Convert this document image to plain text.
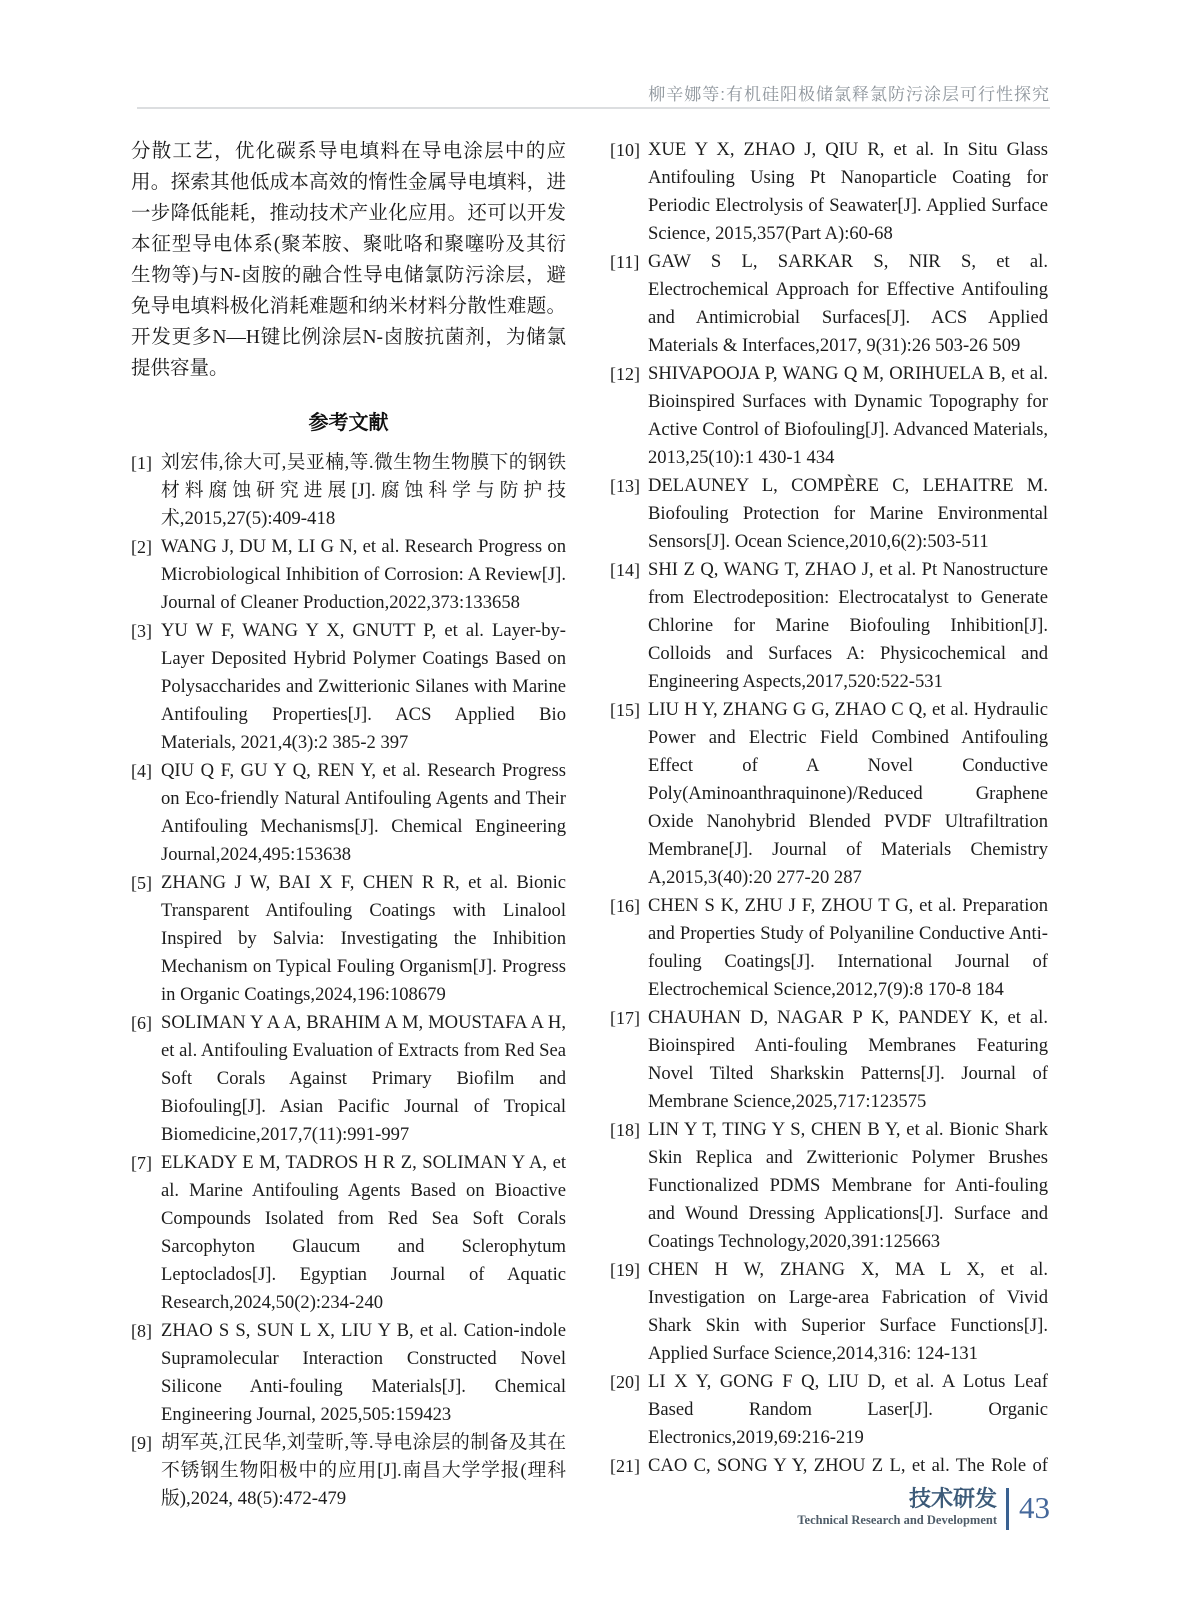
柳辛娜等:有机硅阳极储氯释氯防污涂层可行性探究

分散工艺，优化碳系导电填料在导电涂层中的应用。探索其他低成本高效的惰性金属导电填料，进一步降低能耗，推动技术产业化应用。还可以开发本征型导电体系(聚苯胺、聚吡咯和聚噻吩及其衍生物等)与N-卤胺的融合性导电储氯防污涂层，避免导电填料极化消耗难题和纳米材料分散性难题。开发更多N—H键比例涂层N-卤胺抗菌剂，为储氯提供容量。

参考文献
[1] 刘宏伟,徐大可,吴亚楠,等.微生物生物膜下的钢铁材料腐蚀研究进展[J].腐蚀科学与防护技术,2015,27(5):409-418
[2] WANG J, DU M, LI G N, et al. Research Progress on Microbiological Inhibition of Corrosion: A Review[J]. Journal of Cleaner Production,2022,373:133658
[3] YU W F, WANG Y X, GNUTT P, et al. Layer-by-Layer Deposited Hybrid Polymer Coatings Based on Polysaccharides and Zwitterionic Silanes with Marine Antifouling Properties[J]. ACS Applied Bio Materials, 2021,4(3):2 385-2 397
[4] QIU Q F, GU Y Q, REN Y, et al. Research Progress on Eco-friendly Natural Antifouling Agents and Their Antifouling Mechanisms[J]. Chemical Engineering Journal,2024,495:153638
[5] ZHANG J W, BAI X F, CHEN R R, et al. Bionic Transparent Antifouling Coatings with Linalool Inspired by Salvia: Investigating the Inhibition Mechanism on Typical Fouling Organism[J]. Progress in Organic Coatings,2024,196:108679
[6] SOLIMAN Y A A, BRAHIM A M, MOUSTAFA A H, et al. Antifouling Evaluation of Extracts from Red Sea Soft Corals Against Primary Biofilm and Biofouling[J]. Asian Pacific Journal of Tropical Biomedicine,2017,7(11):991-997
[7] ELKADY E M, TADROS H R Z, SOLIMAN Y A, et al. Marine Antifouling Agents Based on Bioactive Compounds Isolated from Red Sea Soft Corals Sarcophyton Glaucum and Sclerophytum Leptoclados[J]. Egyptian Journal of Aquatic Research,2024,50(2):234-240
[8] ZHAO S S, SUN L X, LIU Y B, et al. Cation-indole Supramolecular Interaction Constructed Novel Silicone Anti-fouling Materials[J]. Chemical Engineering Journal, 2025,505:159423
[9] 胡军英,江民华,刘莹昕,等.导电涂层的制备及其在不锈钢生物阳极中的应用[J].南昌大学学报(理科版),2024, 48(5):472-479
[10] XUE Y X, ZHAO J, QIU R, et al. In Situ Glass Antifouling Using Pt Nanoparticle Coating for Periodic Electrolysis of Seawater[J]. Applied Surface Science, 2015,357(Part A):60-68
[11] GAW S L, SARKAR S, NIR S, et al. Electrochemical Approach for Effective Antifouling and Antimicrobial Surfaces[J]. ACS Applied Materials & Interfaces,2017, 9(31):26 503-26 509
[12] SHIVAPOOJA P, WANG Q M, ORIHUELA B, et al. Bioinspired Surfaces with Dynamic Topography for Active Control of Biofouling[J]. Advanced Materials, 2013,25(10):1 430-1 434
[13] DELAUNEY L, COMPÈRE C, LEHAITRE M. Biofouling Protection for Marine Environmental Sensors[J]. Ocean Science,2010,6(2):503-511
[14] SHI Z Q, WANG T, ZHAO J, et al. Pt Nanostructure from Electrodeposition: Electrocatalyst to Generate Chlorine for Marine Biofouling Inhibition[J]. Colloids and Surfaces A: Physicochemical and Engineering Aspects,2017,520:522-531
[15] LIU H Y, ZHANG G G, ZHAO C Q, et al. Hydraulic Power and Electric Field Combined Antifouling Effect of A Novel Conductive Poly(Aminoanthraquinone)/Reduced Graphene Oxide Nanohybrid Blended PVDF Ultrafiltration Membrane[J]. Journal of Materials Chemistry A,2015,3(40):20 277-20 287
[16] CHEN S K, ZHU J F, ZHOU T G, et al. Preparation and Properties Study of Polyaniline Conductive Anti-fouling Coatings[J]. International Journal of Electrochemical Science,2012,7(9):8 170-8 184
[17] CHAUHAN D, NAGAR P K, PANDEY K, et al. Bioinspired Anti-fouling Membranes Featuring Novel Tilted Sharkskin Patterns[J]. Journal of Membrane Science,2025,717:123575
[18] LIN Y T, TING Y S, CHEN B Y, et al. Bionic Shark Skin Replica and Zwitterionic Polymer Brushes Functionalized PDMS Membrane for Anti-fouling and Wound Dressing Applications[J]. Surface and Coatings Technology,2020,391:125663
[19] CHEN H W, ZHANG X, MA L X, et al. Investigation on Large-area Fabrication of Vivid Shark Skin with Superior Surface Functions[J]. Applied Surface Science,2014,316: 124-131
[20] LI X Y, GONG F Q, LIU D, et al. A Lotus Leaf Based Random Laser[J]. Organic Electronics,2019,69:216-219
[21] CAO C, SONG Y Y, ZHOU Z L, et al. The Role of
技术研发
Technical Research and Development 43
